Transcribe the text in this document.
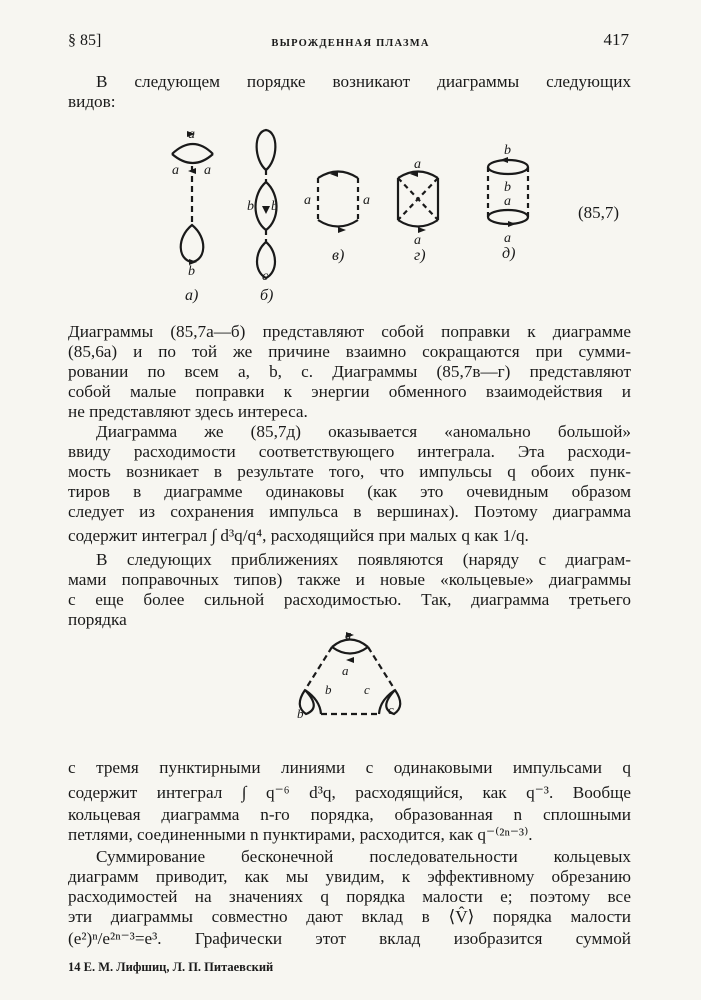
§ 85]	ВЫРОЖДЕННАЯ ПЛАЗМА	417
В следующем порядке возникают диаграммы следующих
видов:
a
a a
b
b b
c
a	a
a
a
b
b
a
a
а)	б)
в)	г)	д)
(85,7)
Диаграммы (85,7а—б) представляют собой поправки к диаграмме
(85,6а) и по той же причине взаимно сокращаются при сумми-
ровании по всем a, b, c. Диаграммы (85,7в—г) представляют
собой малые поправки к энергии обменного взаимодействия и
не представляют здесь интереса.
Диаграмма же (85,7д) оказывается «аномально большой»
ввиду расходимости соответствующего интеграла. Эта расходи-
мость возникает в результате того, что импульсы q обоих пунк-
тиров в диаграмме одинаковы (как это очевидным образом
следует из сохранения импульса в вершинах). Поэтому диаграмма
содержит интеграл ∫ d³q/q⁴, расходящийся при малых q как 1/q.
В следующих приближениях появляются (наряду с диаграм-
мами поправочных типов) также и новые «кольцевые» диаграммы
с еще более сильной расходимостью. Так, диаграмма третьего
порядка
a
a
b
b
c
c
с тремя пунктирными линиями с одинаковыми импульсами q
содержит интеграл ∫ q⁻⁶ d³q, расходящийся, как q⁻³. Вообще
кольцевая диаграмма n-го порядка, образованная n сплошными
петлями, соединенными n пунктирами, расходится, как q⁻⁽²ⁿ⁻³⁾.
Суммирование бесконечной последовательности кольцевых
диаграмм приводит, как мы увидим, к эффективному обрезанию
расходимостей на значениях q порядка малости e; поэтому все
эти диаграммы совместно дают вклад в ⟨V̂⟩ порядка малости
(e²)ⁿ/e²ⁿ⁻³=e³. Графически этот вклад изобразится суммой
14 Е. М. Лифшиц, Л. П. Питаевский
